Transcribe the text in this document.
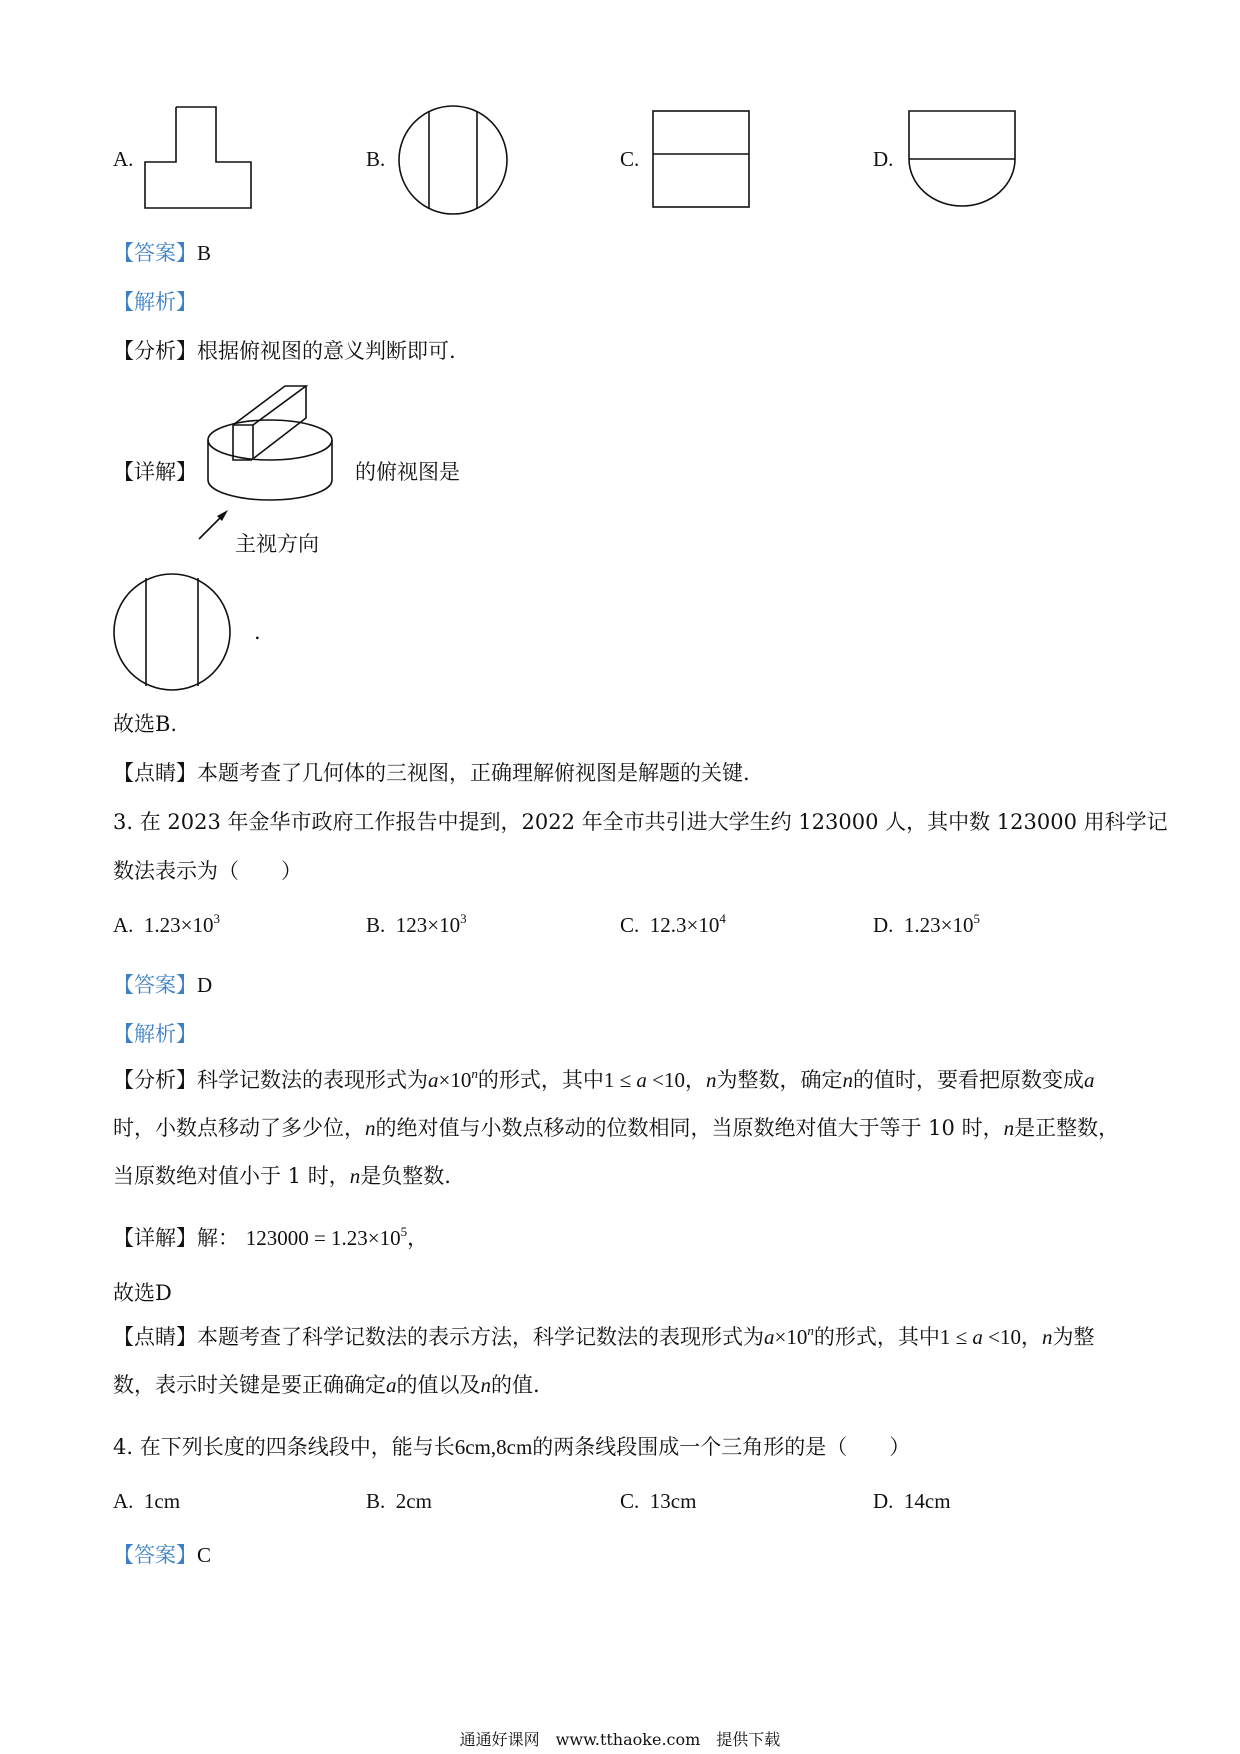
A.	B.	C.	D.
【答案】B
【解析】
【分析】根据俯视图的意义判断即可.
【详解】	的俯视图是
主视方向
.
故选B.
【点睛】本题考查了几何体的三视图，正确理解俯视图是解题的关键.
3. 在 2023 年金华市政府工作报告中提到，2022 年全市共引进大学生约 123000 人，其中数 123000 用科学记
数法表示为（　　）
A. $1.23\times 10^3$	B. $123\times 10^3$	C. $12.3\times 10^4$	D. $1.23\times 10^5$
【答案】D
【解析】
【分析】科学记数法的表现形式为$a\times 10^n$的形式，其中1 ≤ a <10，n为整数，确定n的值时，要看把原数变成a时，小数点移动了多少位，n的绝对值与小数点移动的位数相同，当原数绝对值大于等于 10 时，n是正整数，当原数绝对值小于 1 时，n是负整数.
【详解】解： $123000 = 1.23\times 10^5$，
故选D
【点睛】本题考查了科学记数法的表示方法，科学记数法的表现形式为$a\times 10^n$的形式，其中1 ≤ a <10，n为整数，表示时关键是要正确确定a的值以及n的值.
4. 在下列长度的四条线段中，能与长6cm,8cm的两条线段围成一个三角形的是（　　）
A. 1cm	B. 2cm	C. 13cm	D. 14cm
【答案】C
通通好课网　www.tthaoke.com　提供下载
